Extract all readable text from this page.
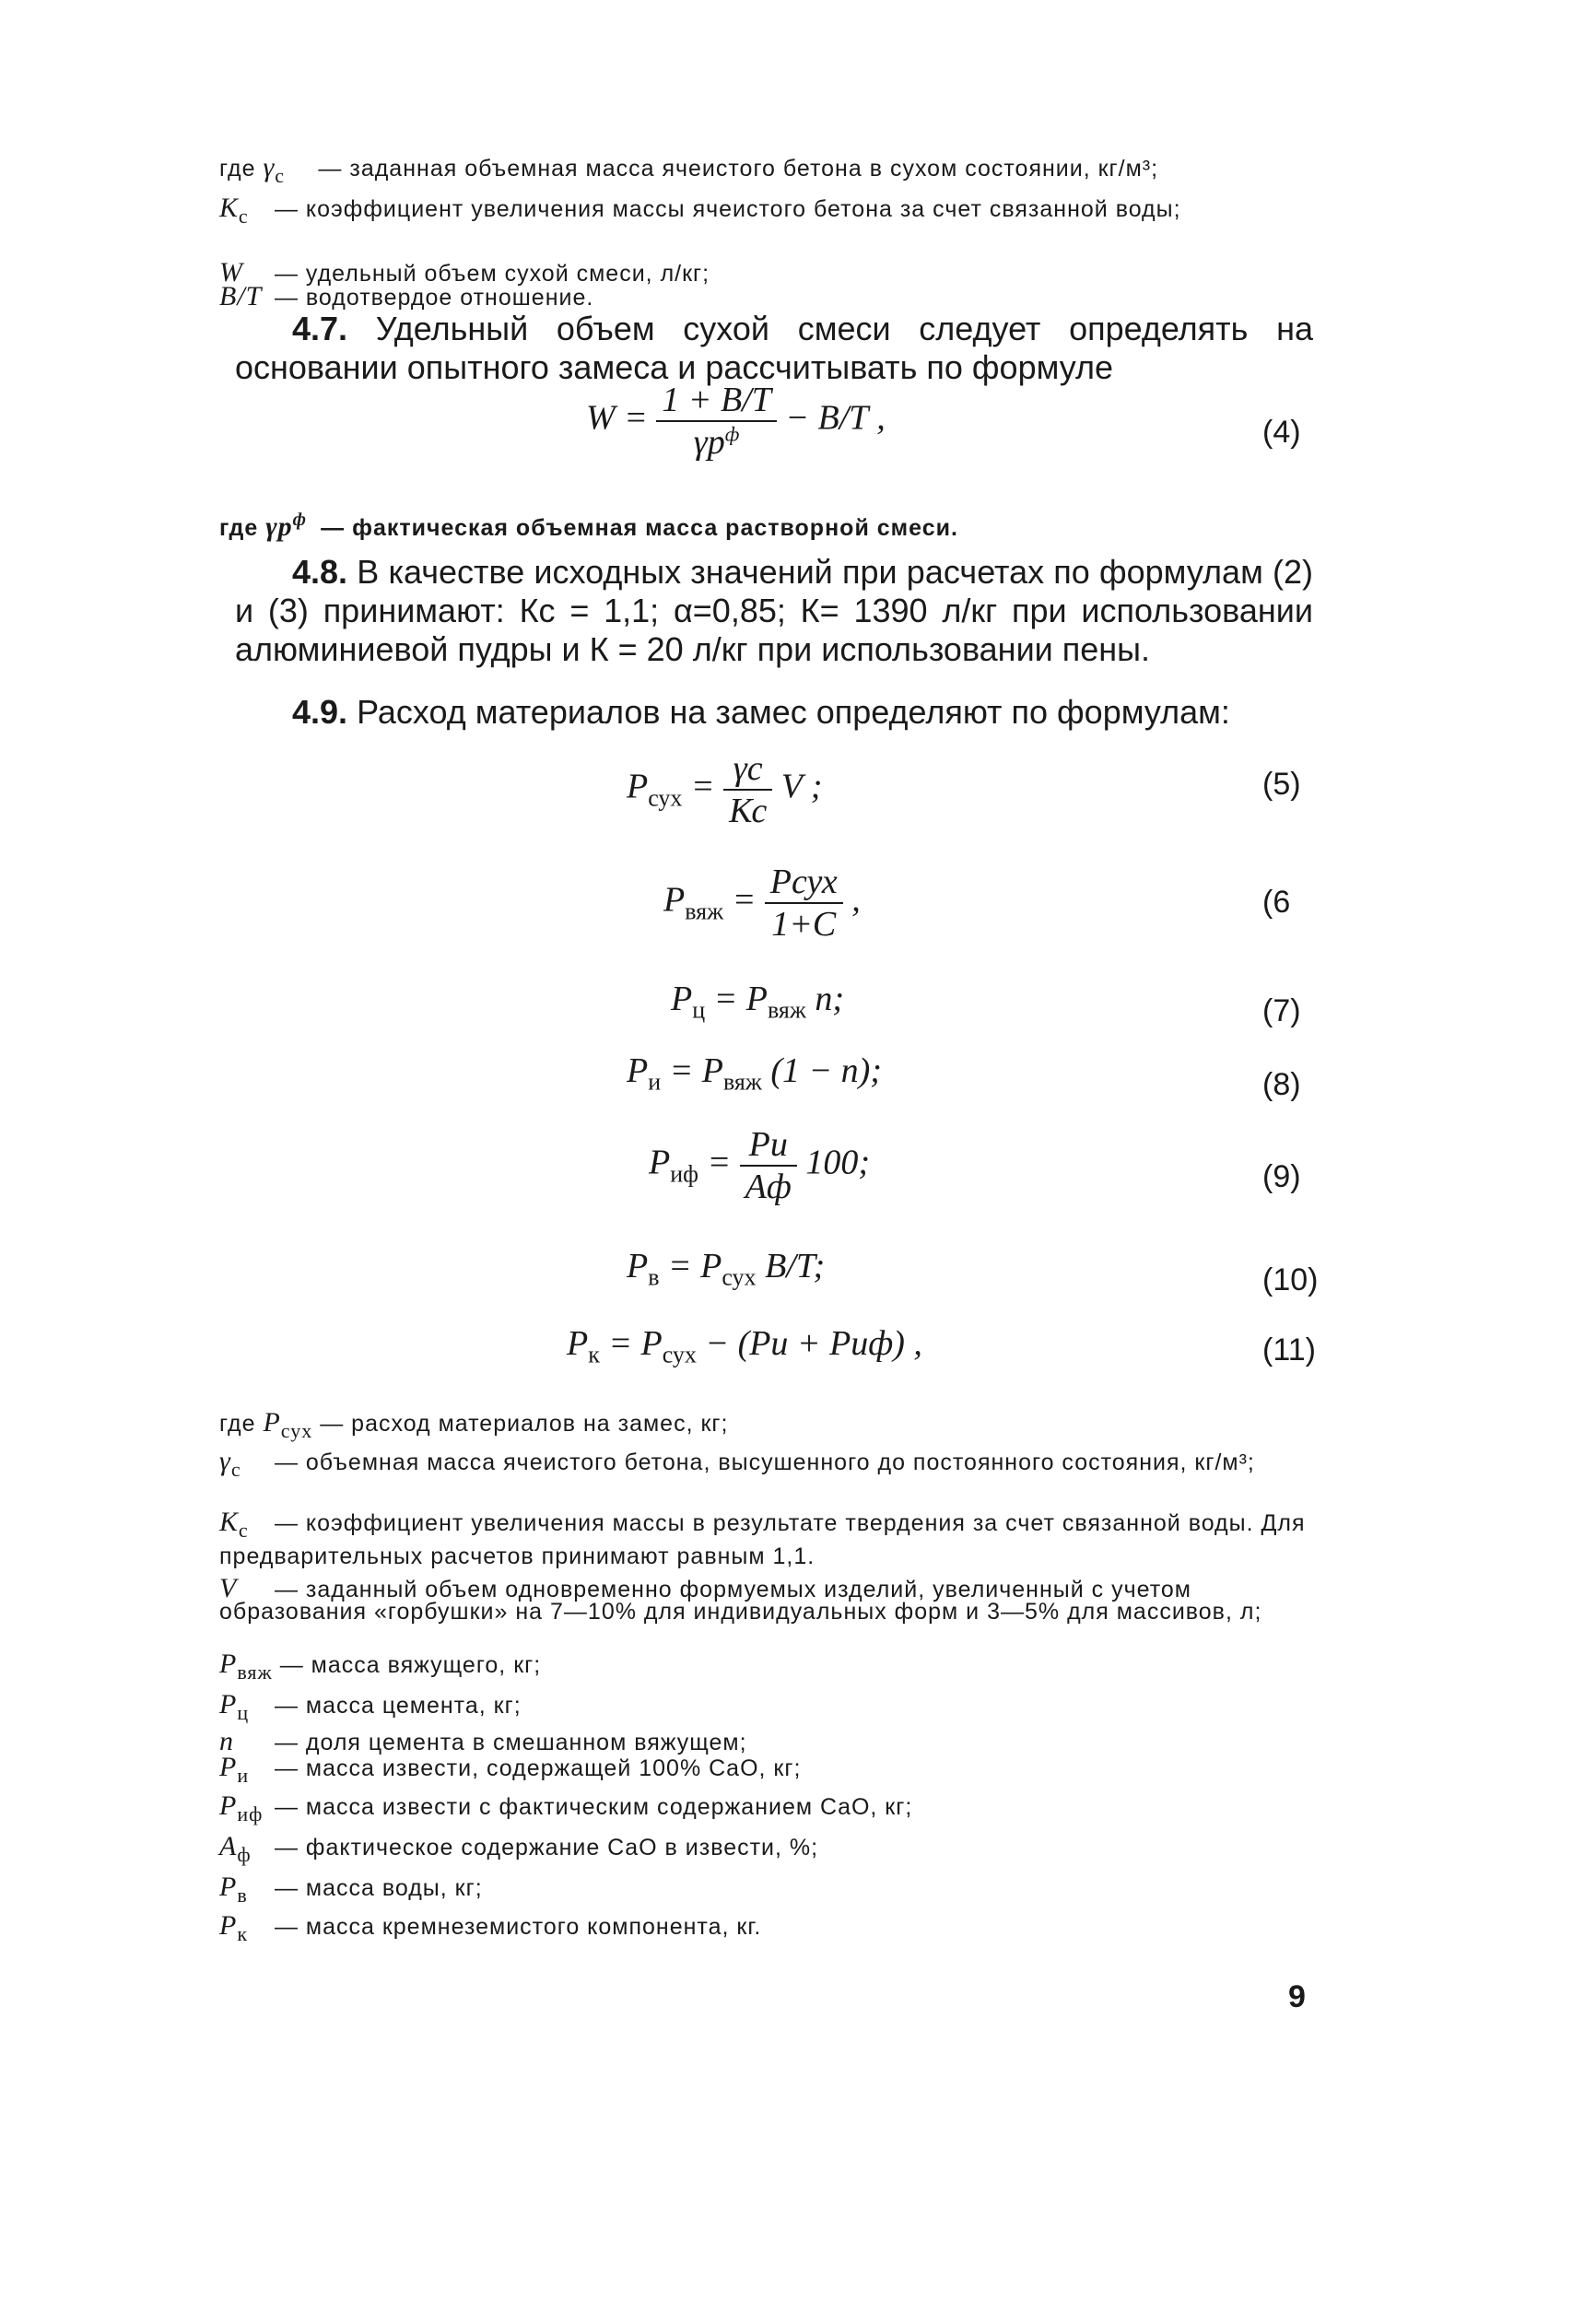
где $\gamma_с$ — заданная объемная масса ячеистого бетона в сухом состоянии, кг/м³;
$К_с$ — коэффициент увеличения массы ячеистого бетона за счет связанной воды;
W — удельный объем сухой смеси, л/кг;
B/T — водотвердое отношение.
4.7. Удельный объем сухой смеси следует определять на основании опытного замеса и рассчитывать по формуле
$W = \frac{1 + B/T}{\gamma р^ф} - B/T$ ,	(4)
где $\gamma р^ф$ — фактическая объемная масса растворной смеси.
4.8. В качестве исходных значений при расчетах по формулам (2) и (3) принимают: Кс = 1,1; α=0,85; К= 1390 л/кг при использовании алюминиевой пудры и К = 20 л/кг при использовании пены.
4.9. Расход материалов на замес определяют по формулам:
$P_{сух} = \frac{\gamma с}{Кс}$ V ;	(5)
$P_{вяж} = \frac{\text{Pсух}}{1+C}$ ,	(6
$P_ц = P_{вяж}$ n;	(7)
$P_и = P_{вяж}$ (1 − n);	(8)
$P_{иф} = \frac{Pи}{Aф} 100$;	(9)
$P_в = P_{сух}$ B/T;	(10)
$P_к = P_{сух} - (Pи + Pиф)$ ,	(11)
где $P_{сух}$ — расход материалов на замес, кг;
$\gamma_с$ — объемная масса ячеистого бетона, высушенного до постоянного состояния, кг/м³;
$К_с$ — коэффициент увеличения массы в результате твердения за счет связанной воды. Для предварительных расчетов принимают равным 1,1.
V — заданный объем одновременно формуемых изделий, увеличенный с учетом образования «горбушки» на 7—10% для индивидуальных форм и 3—5% для массивов, л;
$P_{вяж}$ — масса вяжущего, кг;
$P_ц$ — масса цемента, кг;
n — доля цемента в смешанном вяжущем;
$P_и$ — масса извести, содержащей 100% CaO, кг;
$P_{иф}$ — масса извести с фактическим содержанием CaO, кг;
$A_ф$ — фактическое содержание CaO в извести, %;
$P_в$ — масса воды, кг;
$P_к$ — масса кремнеземистого компонента, кг.
9
